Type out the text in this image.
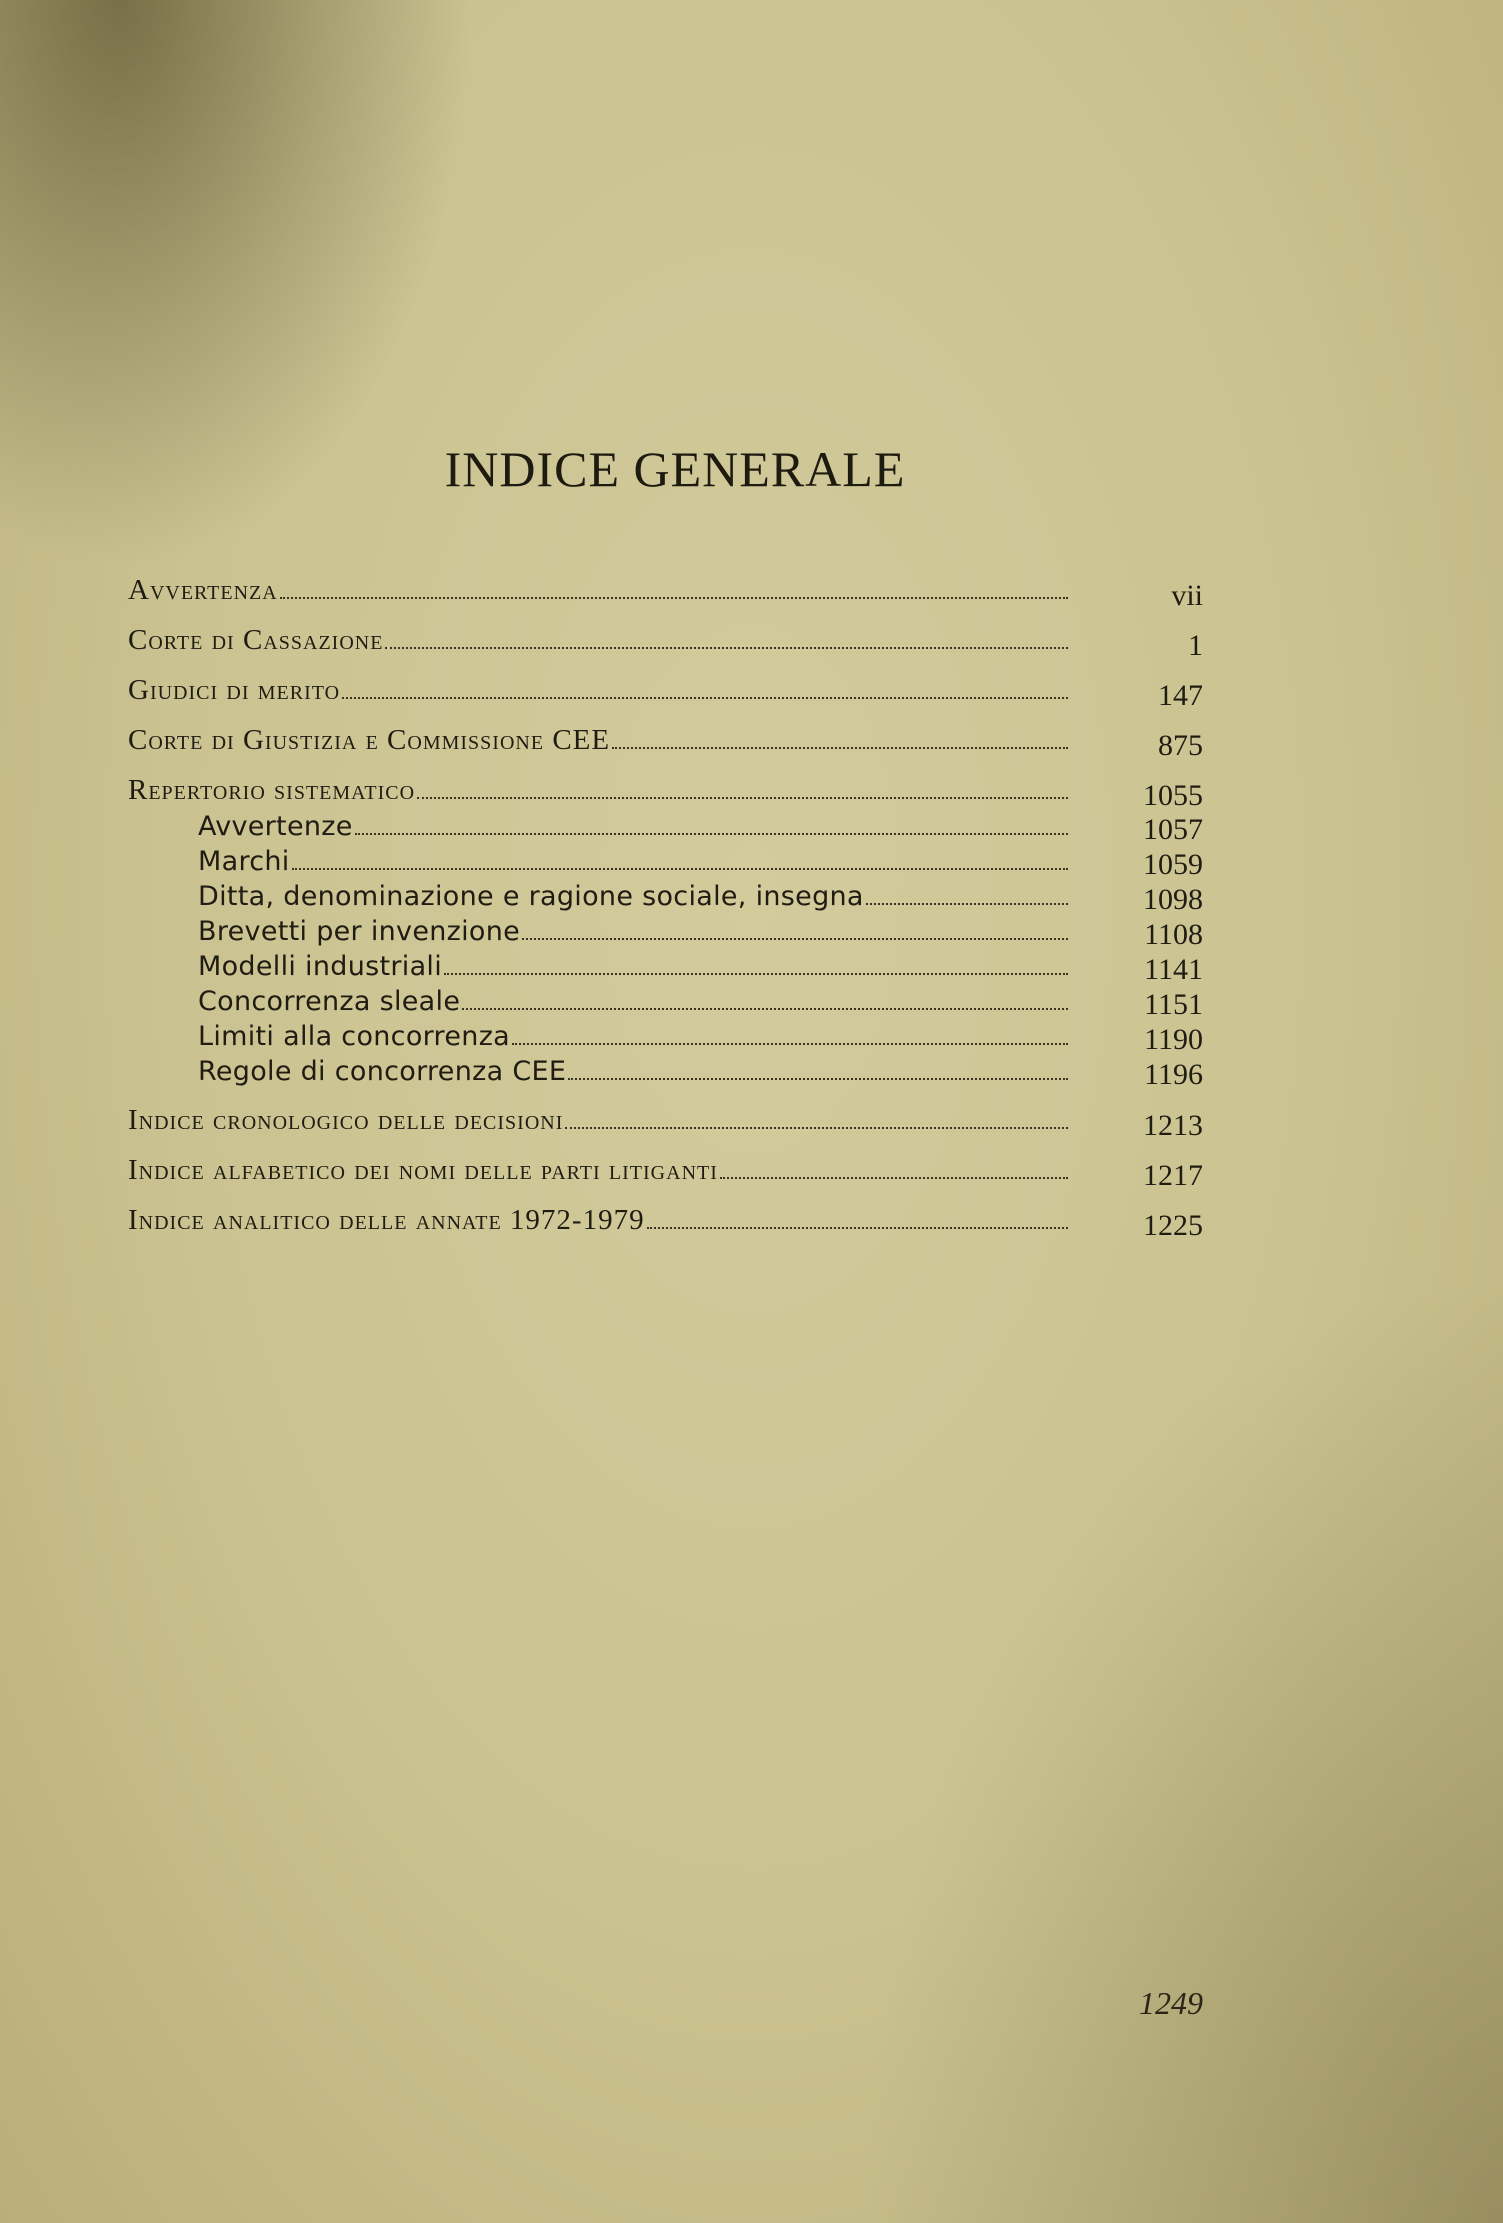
INDICE GENERALE
Avvertenza	vii
Corte di Cassazione	1
Giudici di merito	147
Corte di Giustizia e Commissione CEE	875
Repertorio sistematico	1055
Avvertenze	1057
Marchi	1059
Ditta, denominazione e ragione sociale, insegna	1098
Brevetti per invenzione	1108
Modelli industriali	1141
Concorrenza sleale	1151
Limiti alla concorrenza	1190
Regole di concorrenza CEE	1196
Indice cronologico delle decisioni	1213
Indice alfabetico dei nomi delle parti litiganti	1217
Indice analitico delle annate 1972-1979	1225
1249
